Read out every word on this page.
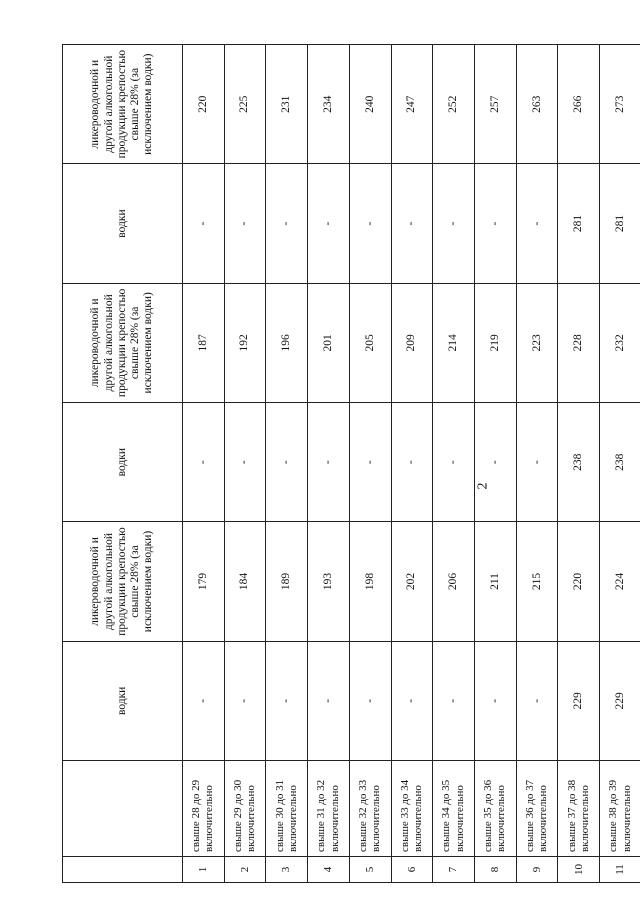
2
		водки	ликероводочной и другой алкогольной продукции крепостью свыше 28% (за исключением водки)	водки	ликероводочной и другой алкогольной продукции крепостью свыше 28% (за исключением водки)	водки	ликероводочной и другой алкогольной продукции крепостью свыше 28% (за исключением водки)
1	свыше 28 до 29 включительно	-	179	-	187	-	220
2	свыше 29 до 30 включительно	-	184	-	192	-	225
3	свыше 30 до 31 включительно	-	189	-	196	-	231
4	свыше 31 до 32 включительно	-	193	-	201	-	234
5	свыше 32 до 33 включительно	-	198	-	205	-	240
6	свыше 33 до 34 включительно	-	202	-	209	-	247
7	свыше 34 до 35 включительно	-	206	-	214	-	252
8	свыше 35 до 36 включительно	-	211	-	219	-	257
9	свыше 36 до 37 включительно	-	215	-	223	-	263
10	свыше 37 до 38 включительно	229	220	238	228	281	266
11	свыше 38 до 39 включительно	229	224	238	232	281	273
